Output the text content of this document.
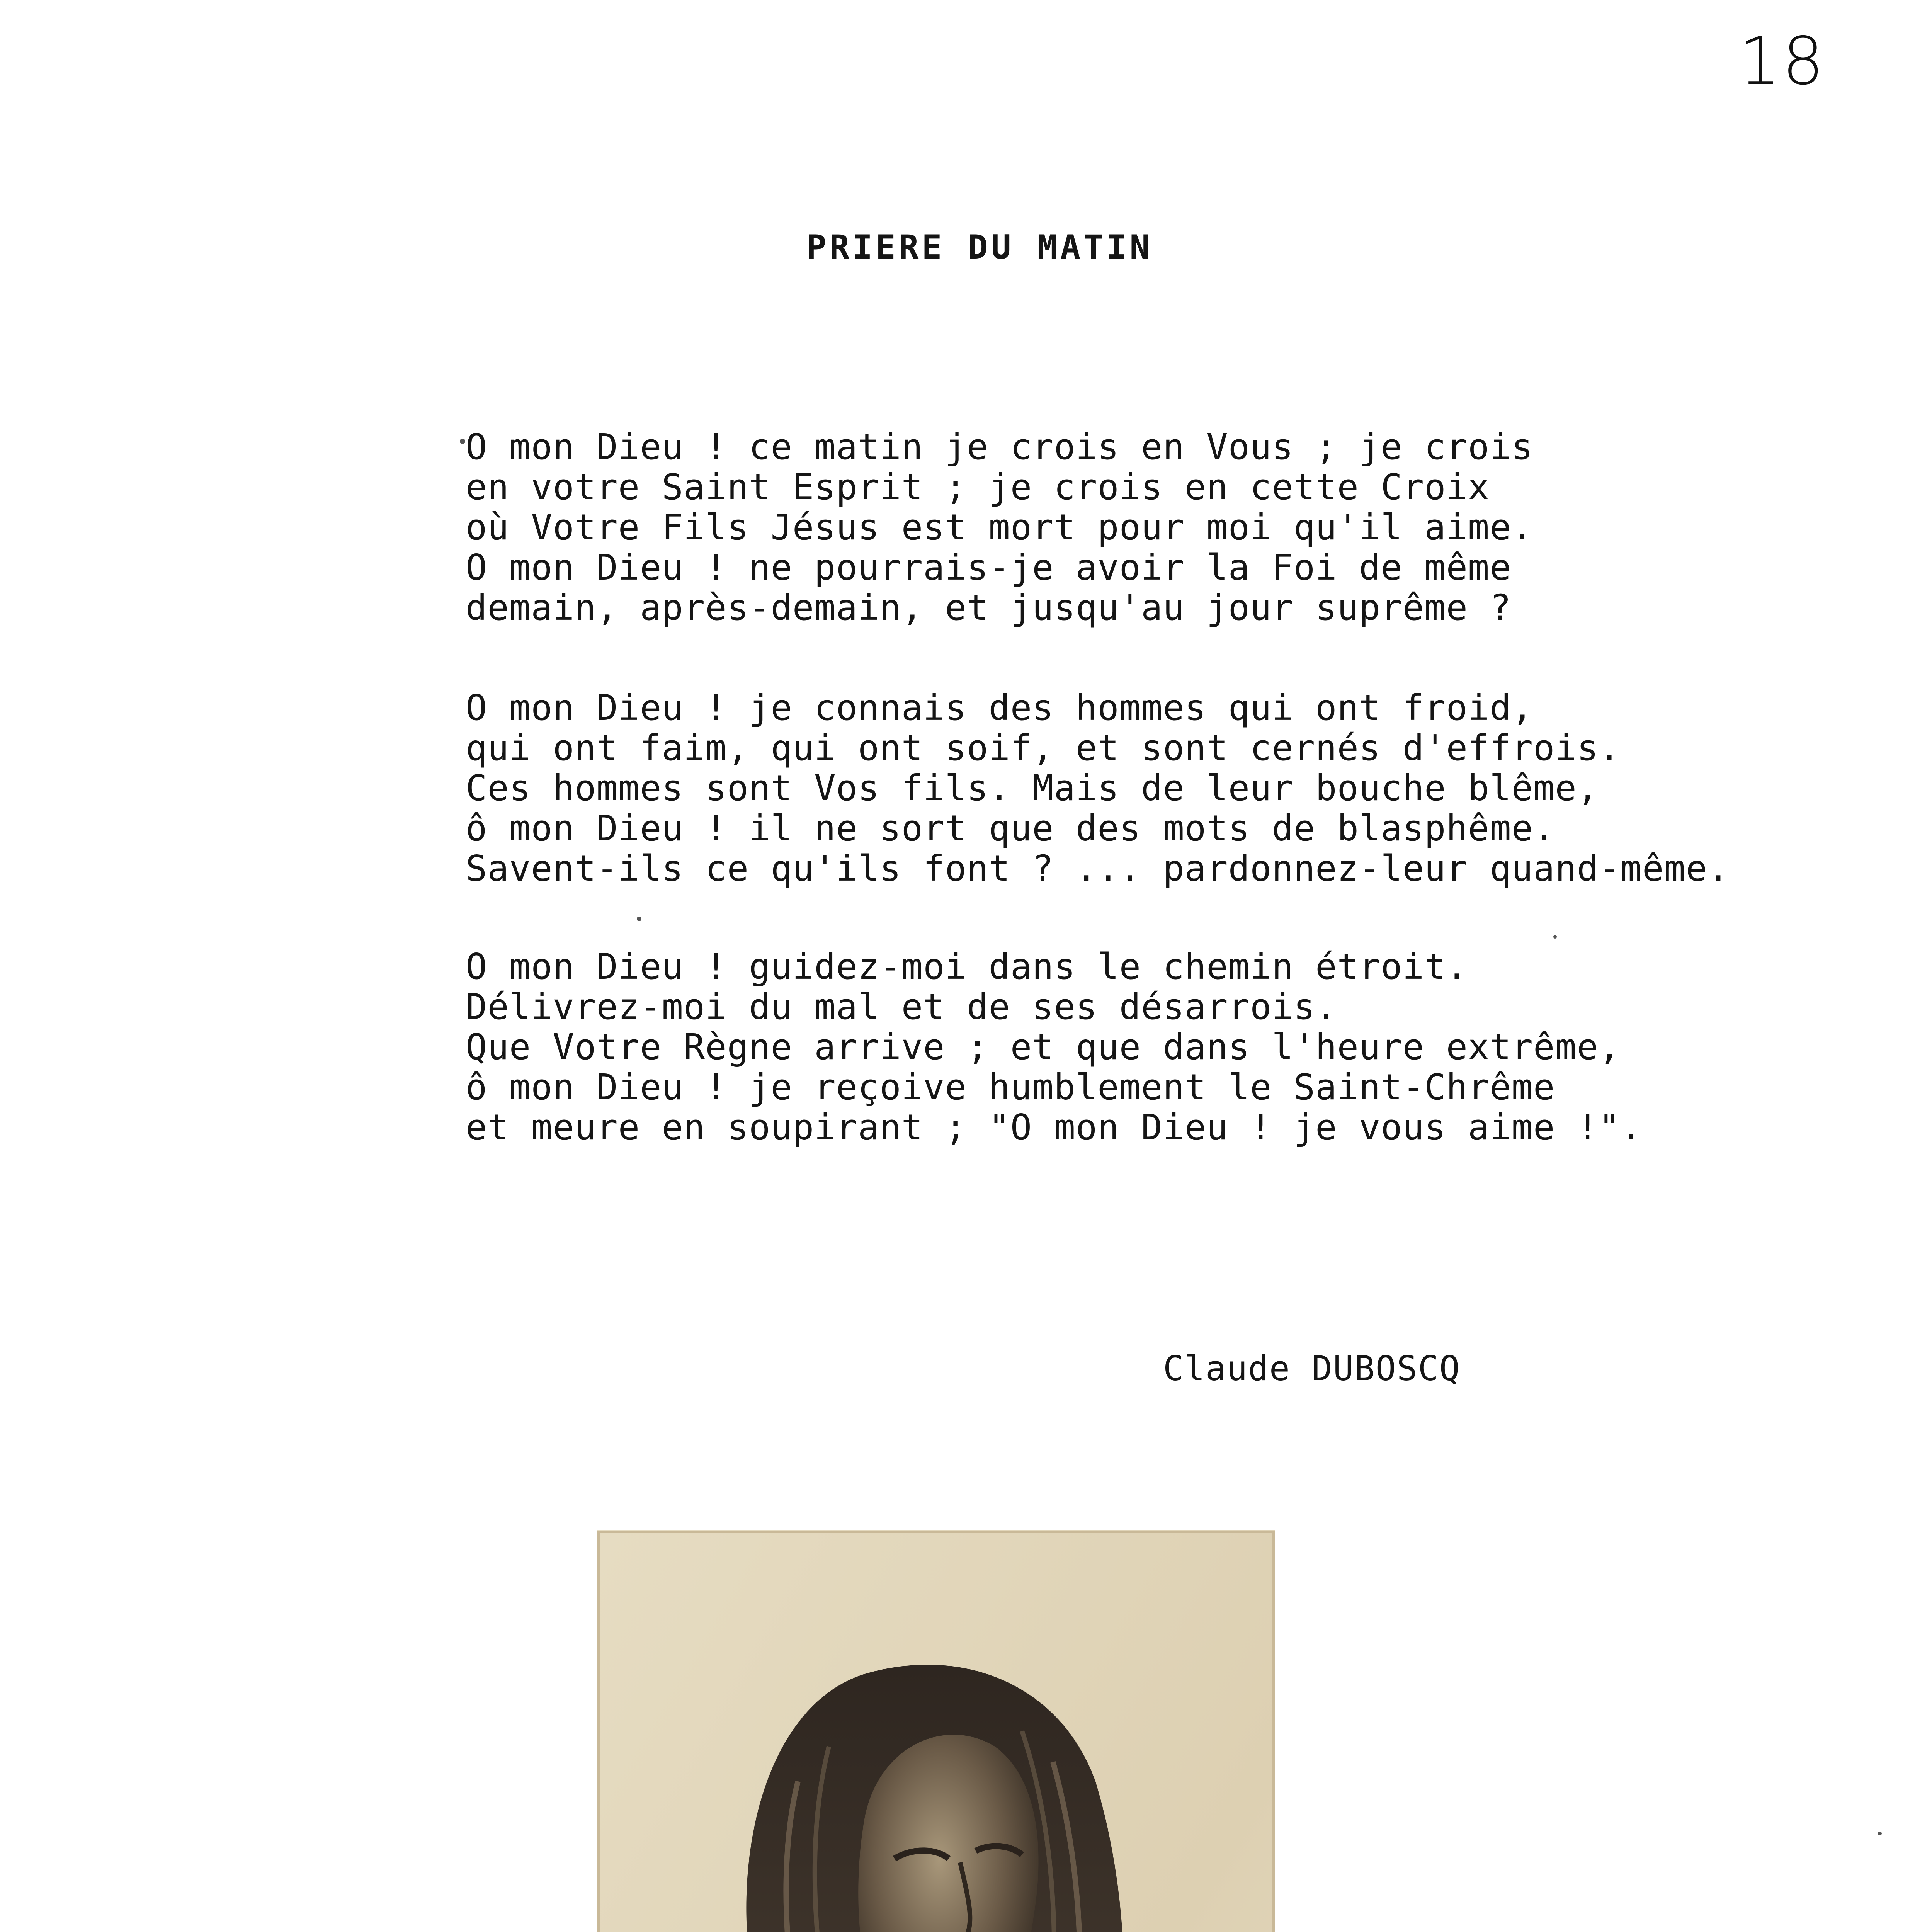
18
PRIERE DU MATIN

O mon Dieu ! ce matin je crois en Vous ; je crois
en votre Saint Esprit ; je crois en cette Croix
où Votre Fils Jésus est mort pour moi qu'il aime.
O mon Dieu ! ne pourrais-je avoir la Foi de même
demain, après-demain, et jusqu'au jour suprême ?

O mon Dieu ! je connais des hommes qui ont froid,
qui ont faim, qui ont soif, et sont cernés d'effrois.
Ces hommes sont Vos fils. Mais de leur bouche blême,
ô mon Dieu ! il ne sort que des mots de blasphême.
Savent-ils ce qu'ils font ? ... pardonnez-leur quand-même.

O mon Dieu ! guidez-moi dans le chemin étroit.
Délivrez-moi du mal et de ses désarrois.
Que Votre Règne arrive ; et que dans l'heure extrême,
ô mon Dieu ! je reçoive humblement le Saint-Chrême
et meure en soupirant ; "O mon Dieu ! je vous aime !".

Claude DUBOSCQ
